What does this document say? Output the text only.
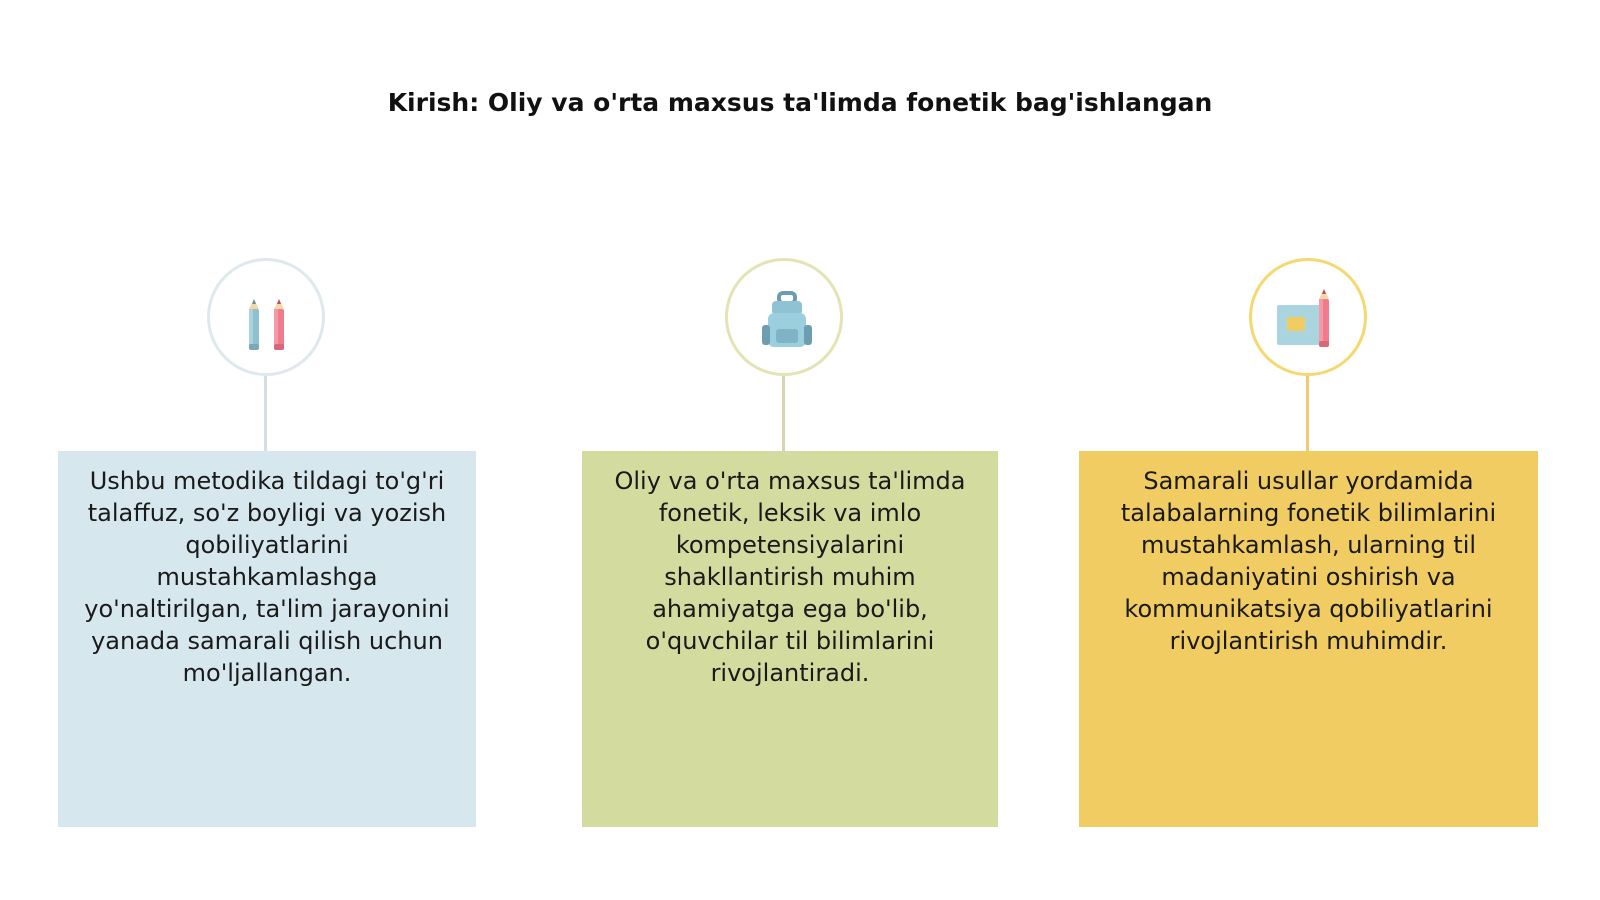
Kirish: Oliy va o'rta maxsus ta'limda fonetik bag'ishlangan
Ushbu metodika tildagi to'g'ri talaffuz, so'z boyligi va yozish qobiliyatlarini mustahkamlashga yo'naltirilgan, ta'lim jarayonini yanada samarali qilish uchun mo'ljallangan.
Oliy va o'rta maxsus ta'limda fonetik, leksik va imlo kompetensiyalarini shakllantirish muhim ahamiyatga ega bo'lib, o'quvchilar til bilimlarini rivojlantiradi.
Samarali usullar yordamida talabalarning fonetik bilimlarini mustahkamlash, ularning til madaniyatini oshirish va kommunikatsiya qobiliyatlarini rivojlantirish muhimdir.
